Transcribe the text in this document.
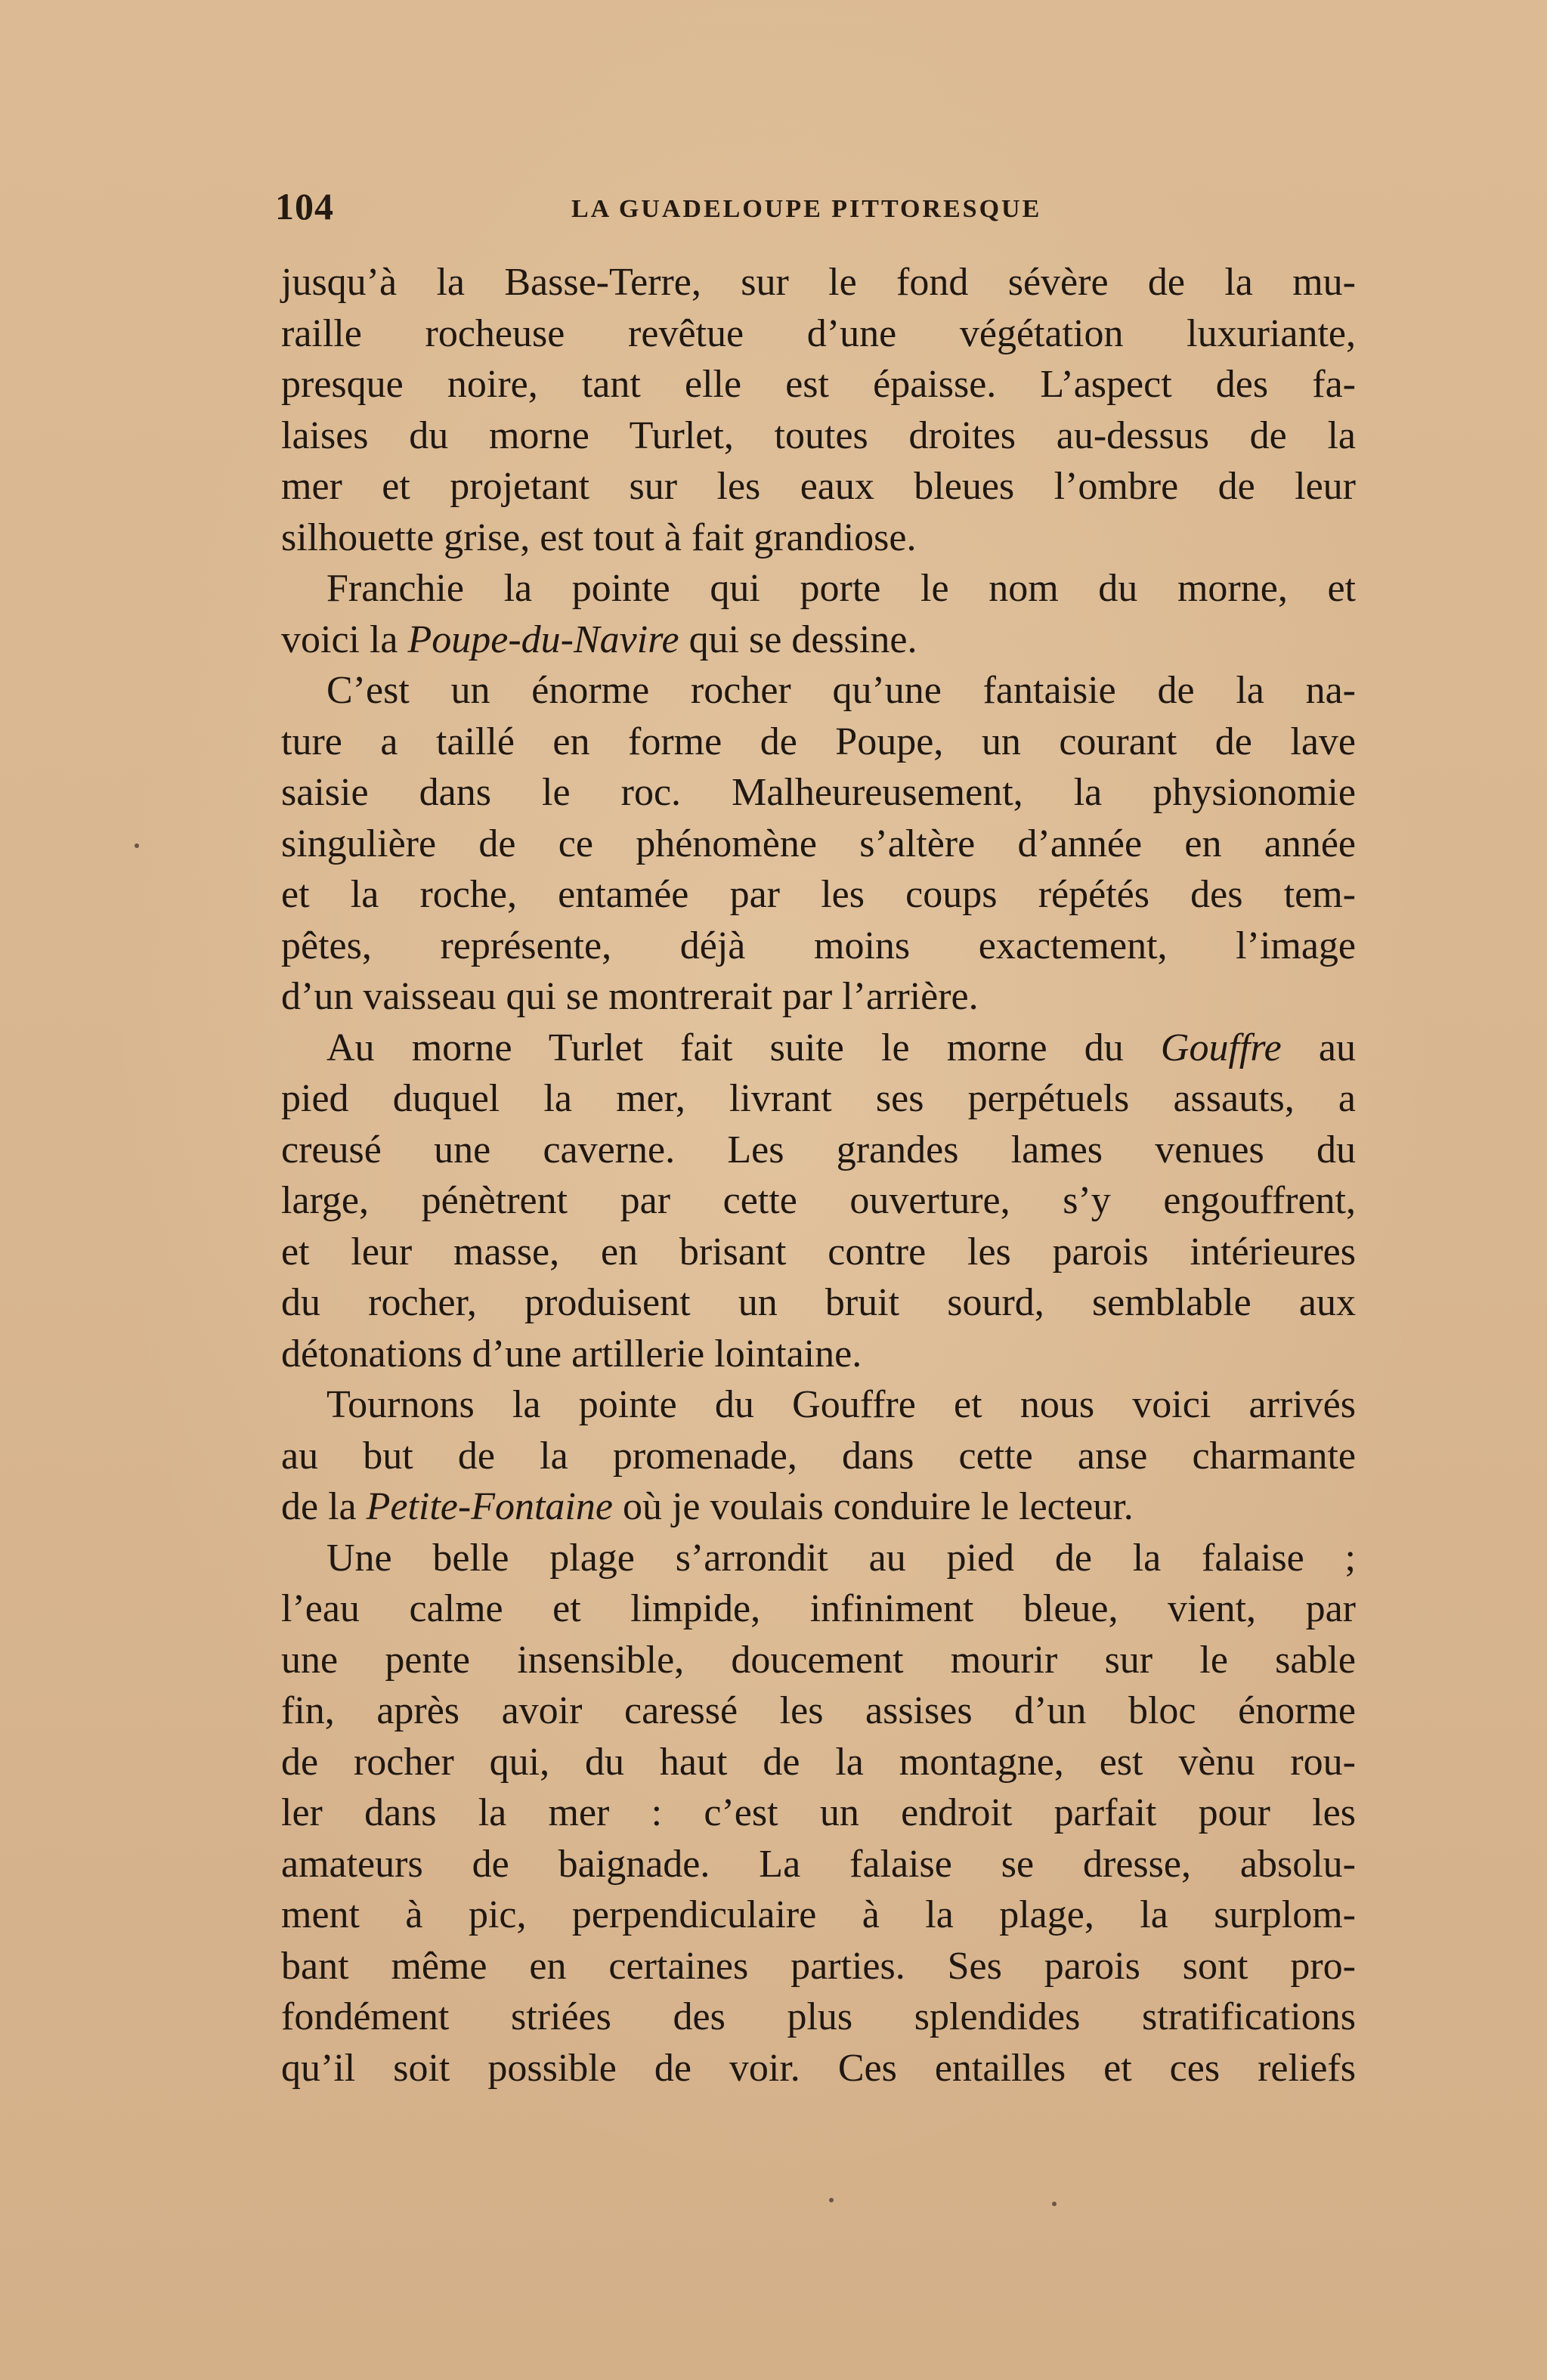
104	LA GUADELOUPE PITTORESQUE
jusqu’à la Basse-Terre, sur le fond sévère de la mu-
raille rocheuse revêtue d’une végétation luxuriante,
presque noire, tant elle est épaisse. L’aspect des fa-
laises du morne Turlet, toutes droites au-dessus de la
mer et projetant sur les eaux bleues l’ombre de leur
silhouette grise, est tout à fait grandiose.
Franchie la pointe qui porte le nom du morne, et
voici la Poupe-du-Navire qui se dessine.
C’est un énorme rocher qu’une fantaisie de la na-
ture a taillé en forme de Poupe, un courant de lave
saisie dans le roc. Malheureusement, la physionomie
singulière de ce phénomène s’altère d’année en année
et la roche, entamée par les coups répétés des tem-
pêtes, représente, déjà moins exactement, l’image
d’un vaisseau qui se montrerait par l’arrière.
Au morne Turlet fait suite le morne du Gouffre au
pied duquel la mer, livrant ses perpétuels assauts, a
creusé une caverne. Les grandes lames venues du
large, pénètrent par cette ouverture, s’y engouffrent,
et leur masse, en brisant contre les parois intérieures
du rocher, produisent un bruit sourd, semblable aux
détonations d’une artillerie lointaine.
Tournons la pointe du Gouffre et nous voici arrivés
au but de la promenade, dans cette anse charmante
de la Petite-Fontaine où je voulais conduire le lecteur.
Une belle plage s’arrondit au pied de la falaise ;
l’eau calme et limpide, infiniment bleue, vient, par
une pente insensible, doucement mourir sur le sable
fin, après avoir caressé les assises d’un bloc énorme
de rocher qui, du haut de la montagne, est vènu rou-
ler dans la mer : c’est un endroit parfait pour les
amateurs de baignade. La falaise se dresse, absolu-
ment à pic, perpendiculaire à la plage, la surplom-
bant même en certaines parties. Ses parois sont pro-
fondément striées des plus splendides stratifications
qu’il soit possible de voir. Ces entailles et ces reliefs
